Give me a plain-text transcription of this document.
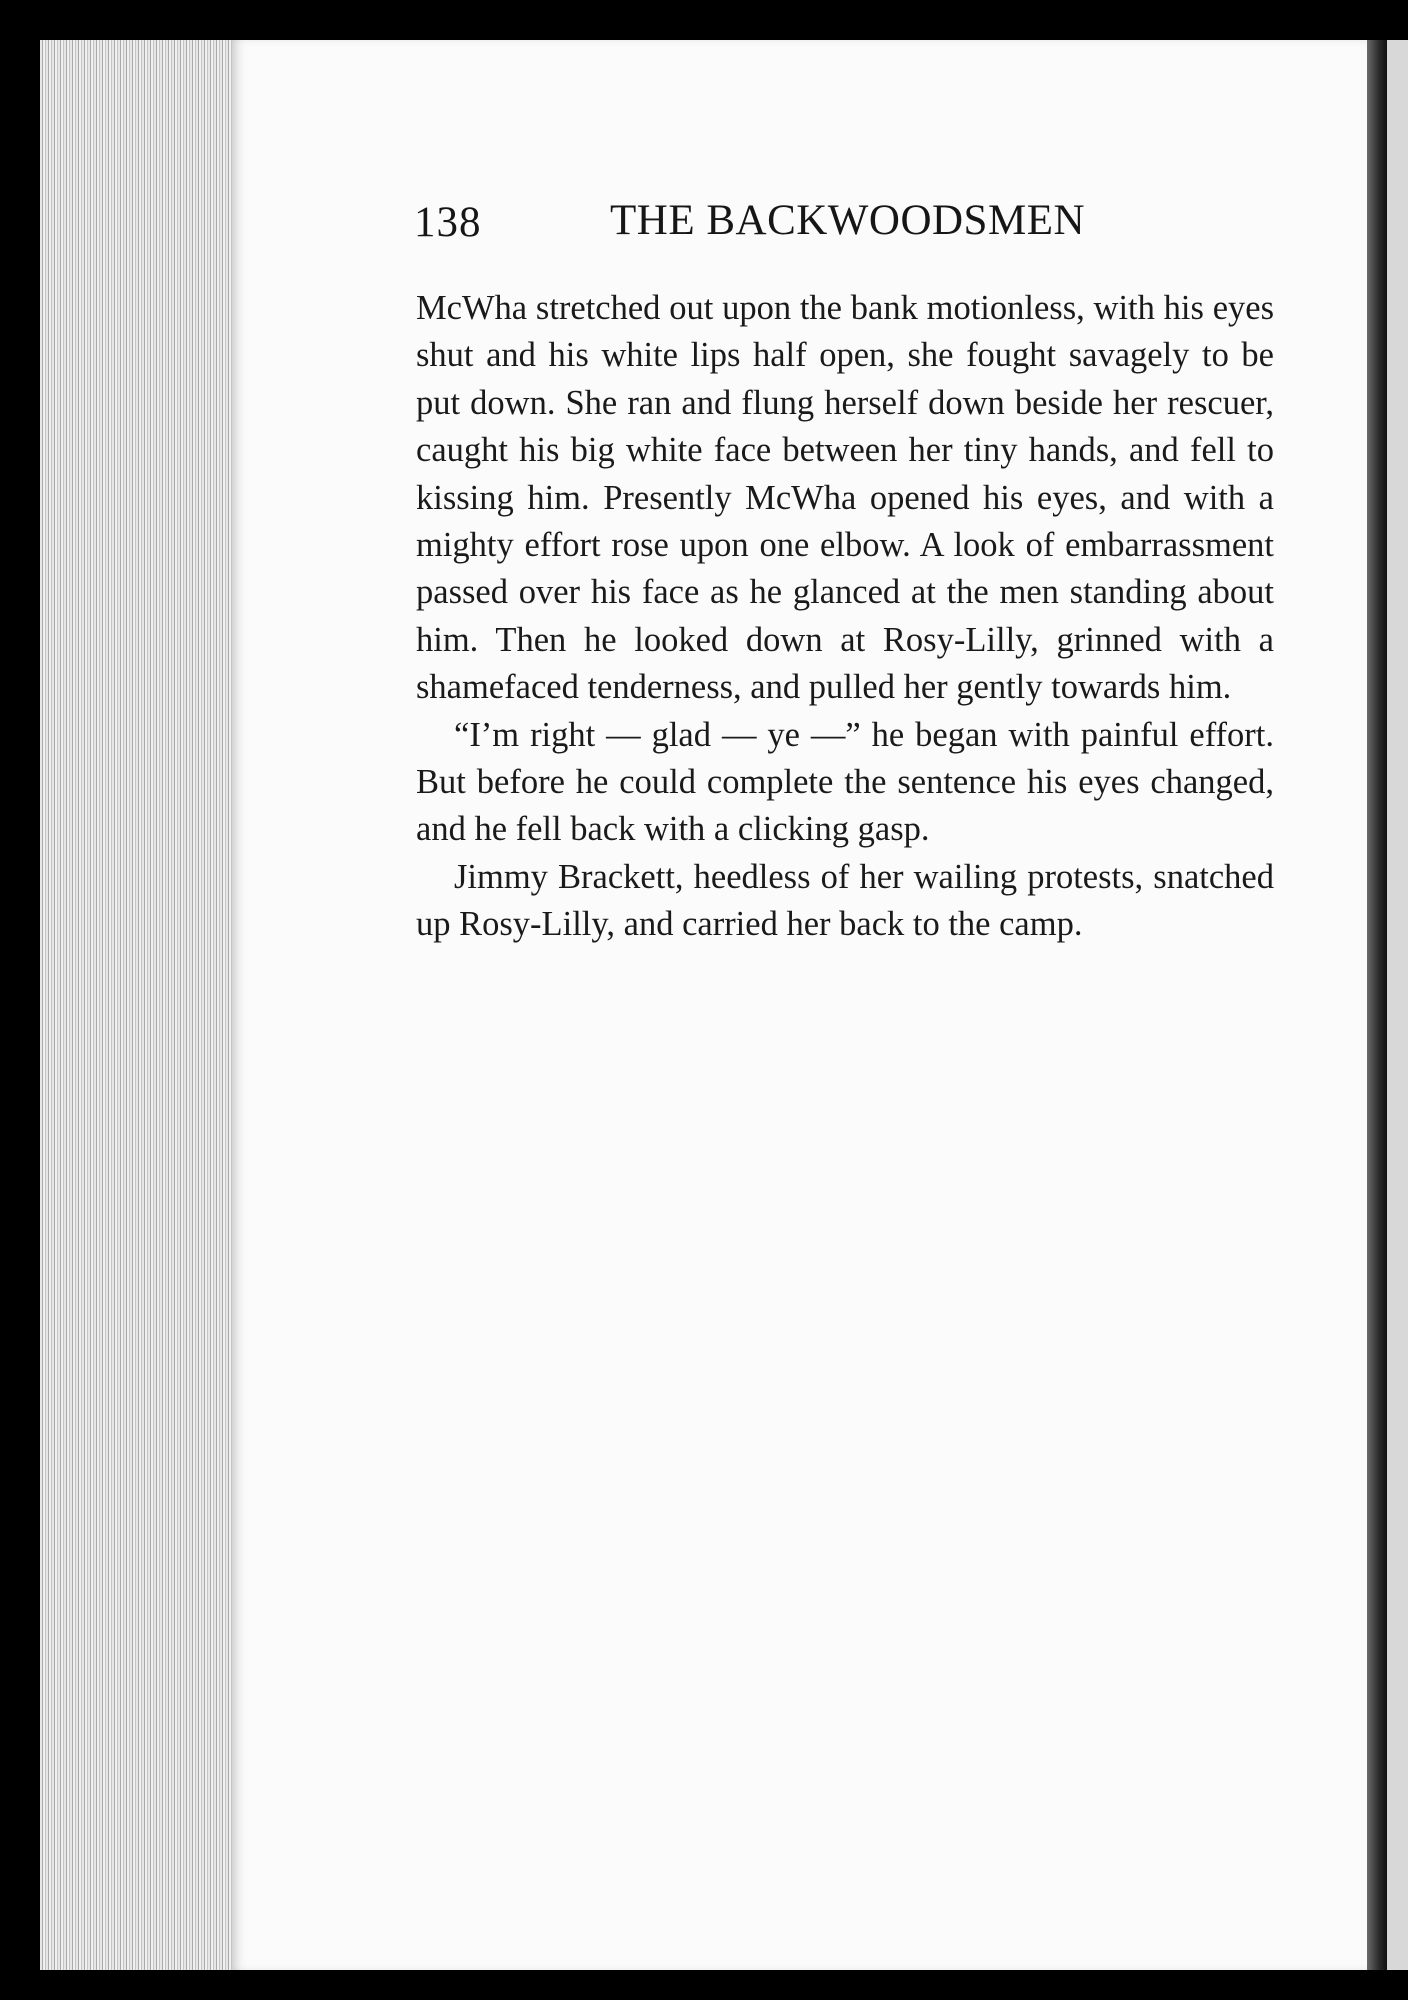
138	THE BACKWOODSMEN

McWha stretched out upon the bank motionless, with his eyes shut and his white lips half open, she fought savagely to be put down. She ran and flung herself down beside her rescuer, caught his big white face between her tiny hands, and fell to kissing him. Presently McWha opened his eyes, and with a mighty effort rose upon one elbow. A look of embarrassment passed over his face as he glanced at the men standing about him. Then he looked down at Rosy-Lilly, grinned with a shamefaced tenderness, and pulled her gently towards him.

“I’m right — glad — ye —” he began with painful effort. But before he could complete the sentence his eyes changed, and he fell back with a clicking gasp.

Jimmy Brackett, heedless of her wailing protests, snatched up Rosy-Lilly, and carried her back to the camp.
